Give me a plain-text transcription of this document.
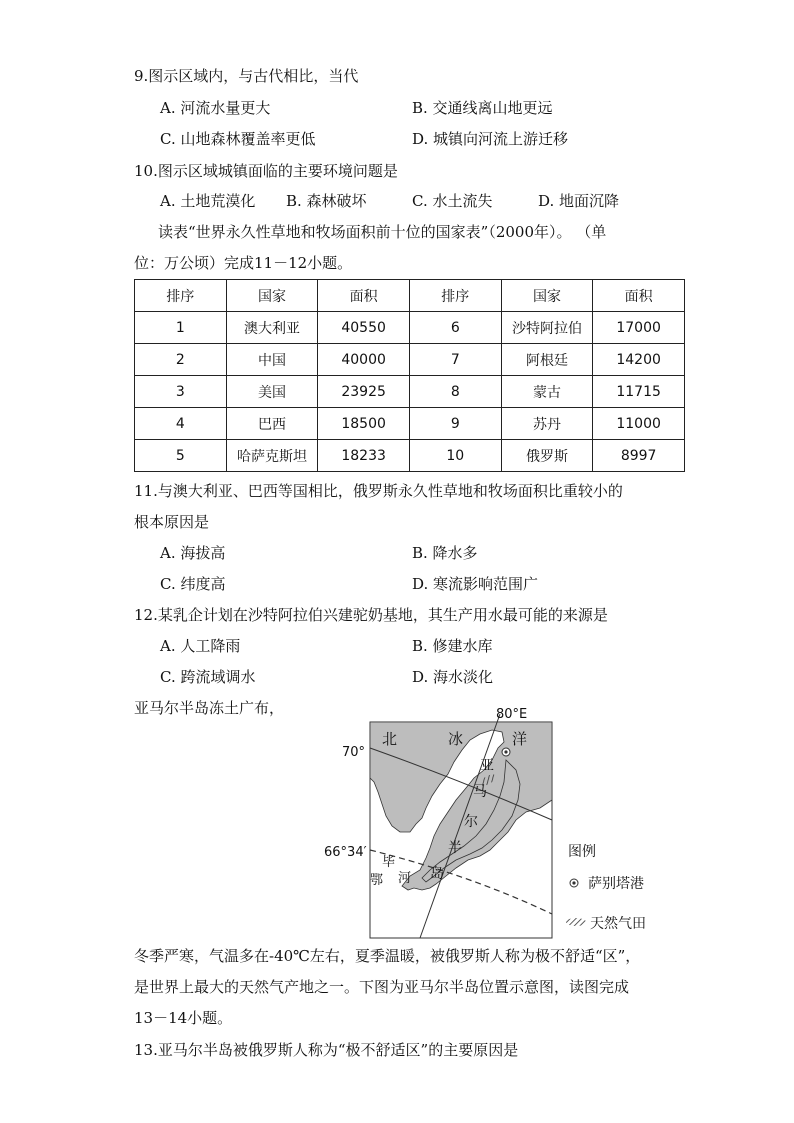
9.图示区域内，与古代相比，当代
A. 河流水量更大	B. 交通线离山地更远
C. 山地森林覆盖率更低	D. 城镇向河流上游迁移
10.图示区域城镇面临的主要环境问题是
A. 土地荒漠化 B. 森林破坏	C. 水土流失	D. 地面沉降
读表“世界永久性草地和牧场面积前十位的国家表”（2000年）。 （单
位：万公顷）完成11－12小题。
排序	国家	面积	排序	国家	面积
1	澳大利亚	40550	6	沙特阿拉伯	17000
2	中国	40000	7	阿根廷	14200
3	美国	23925	8	蒙古	11715
4	巴西	18500	9	苏丹	11000
5	哈萨克斯坦	18233	10	俄罗斯	8997
11.与澳大利亚、巴西等国相比，俄罗斯永久性草地和牧场面积比重较小的
根本原因是
A. 海拔高	B. 降水多
C. 纬度高	D. 寒流影响范围广
12.某乳企计划在沙特阿拉伯兴建驼奶基地，其生产用水最可能的来源是
A. 人工降雨	B. 修建水库
C. 跨流域调水	D. 海水淡化
亚马尔半岛冻土广布，	80°E
70°
66°34′
北	冰	洋
亚
马
尔
半
岛
鄂
毕
河
图例
萨别塔港
天然气田
冬季严寒，气温多在-40℃左右，夏季温暖，被俄罗斯人称为极不舒适“区”，
是世界上最大的天然气产地之一。下图为亚马尔半岛位置示意图，读图完成
13－14小题。
13.亚马尔半岛被俄罗斯人称为“极不舒适区”的主要原因是
